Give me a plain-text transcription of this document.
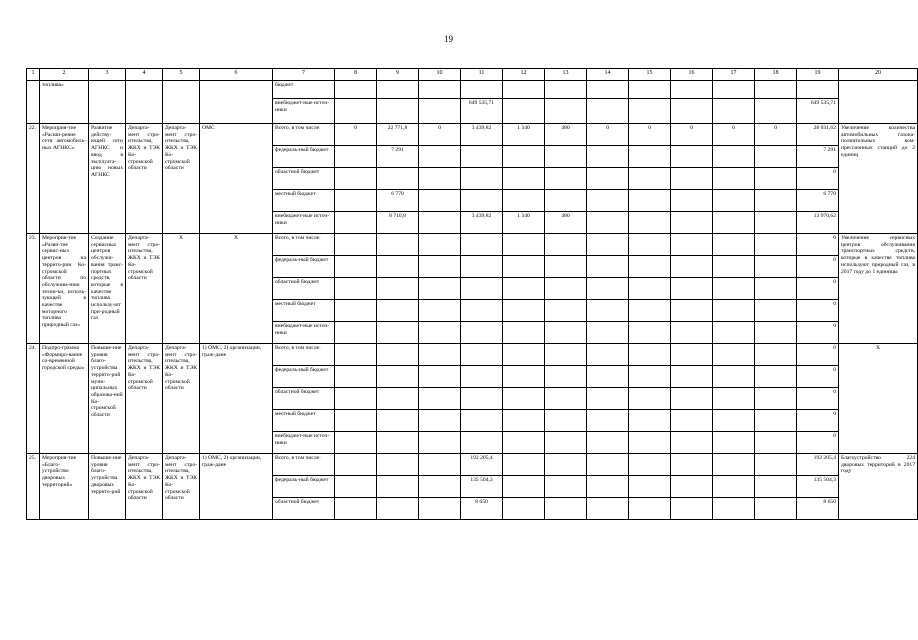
19
1	2	3	4	5	6	7	8	9	10	11	12	13	14	15	16	17	18	19	20
	топлива»					бюджет													
						внебюджет-ные источ-ники				649 535,71								649 535,71	
22.	Мероприя-тие «Расши-рение сети автомобиль-ных АГНКС»	Развитие действу-ющей сети АГНКС и ввод в эксплуата-цию новых АГНКС	Департа-мент стро-ительства, ЖКХ и ТЭК Ко-стромской области	Департа-мент стро-ительства, ЖКХ и ТЭК Ко-стромской области	ОМС	Всего, в том числе:	0	22 771,8	0	3 439,82	1 340	480	0	0	0	0	0	28 031,62	Увеличение количества автомобильных газона-полнительных ком-прессионных станций до 2 единиц
						федераль-ный бюджет		7 291										7 291	
						областной бюджет												0	
						местный бюджет		6 770										6 770	
						внебюджет-ные источ-ники		8 710,8		3 439,82	1 340	480						13 970,62	
23.	Мероприя-тие «Разви-тие сервис-ных центров на террито-рии Ко-стромской области по обслужива-нию техни-ки, исполь-зующей в качестве моторного топлива природный газ»	Создание сервисных центров обслужи-вания транс-портных средств, которые в качестве топлива использу-ют при-родный газ	Департа-мент стро-ительства, ЖКХ и ТЭК Ко-стромской области	Х	Х	Всего, в том числе:												0	Увеличение сервисных центров обслуживания транспортных средств, которые в качестве топлива используют природный газ, в 2017 году до 1 единицы
						федераль-ный бюджет												0	
						областной бюджет												0	
						местный бюджет												0	
						внебюджет-ные источ-ники												0	
24.	Подпро-грамма «Формиро-вание со-временной городской среды»	Повыше-ние уровня благо-устройства террито-рий муни-ципальных образова-ний Ко-стромской области	Департа-мент стро-ительства, ЖКХ и ТЭК Ко-стромской области	Департа-мент стро-ительства, ЖКХ и ТЭК Ко-стромской области	1) ОМС, 2) организации, граж-дане	Всего, в том числе:												0	Х
						федераль-ный бюджет												0	
						областной бюджет												0	
						местный бюджет												0	
						внебюджет-ные источ-ники												0	
25.	Мероприя-тие «Благо-устройство дворовых территорий»	Повыше-ние уровня благо-устройства дворовых террито-рий	Департа-мент стро-ительства, ЖКХ и ТЭК Ко-стромской области	Департа-мент стро-ительства, ЖКХ и ТЭК Ко-стромской области	1) ОМС, 2) организации, граж-дане	Всего, в том числе:				192 205,4								192 205,4	Благоустройство 224 дворовых территорий в 2017 году
						федераль-ный бюджет				135 504,3								135 504,3	
						областной бюджет				8 650								8 650	
